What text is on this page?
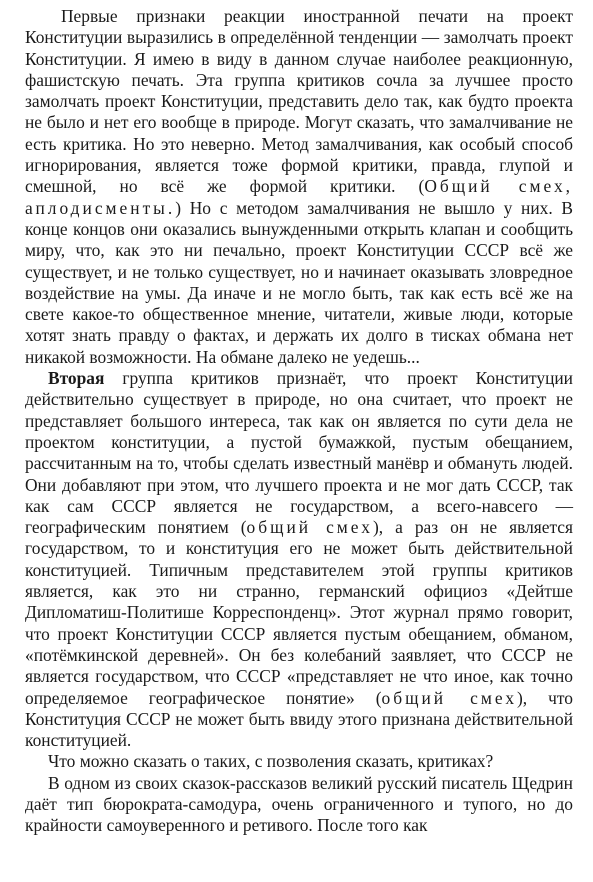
Первые признаки реакции иностранной печати на проект Конституции выразились в определённой тенденции — замолчать проект Конституции. Я имею в виду в данном случае наиболее реакционную, фашистскую печать. Эта группа критиков сочла за лучшее просто замолчать проект Конституции, представить дело так, как будто проекта не было и нет его вообще в природе. Могут сказать, что замалчивание не есть критика. Но это неверно. Метод замалчивания, как особый способ игнорирования, является тоже формой критики, правда, глупой и смешной, но всё же формой критики. (Общий смех, аплодисменты.) Но с методом замалчивания не вышло у них. В конце концов они оказались вынужденными открыть клапан и сообщить миру, что, как это ни печально, проект Конституции СССР всё же существует, и не только существует, но и начинает оказывать зловредное воздействие на умы. Да иначе и не могло быть, так как есть всё же на свете какое-то общественное мнение, читатели, живые люди, которые хотят знать правду о фактах, и держать их долго в тисках обмана нет никакой возможности. На обмане далеко не уедешь...

Вторая группа критиков признаёт, что проект Конституции действительно существует в природе, но она считает, что проект не представляет большого интереса, так как он является по сути дела не проектом конституции, а пустой бумажкой, пустым обещанием, рассчитанным на то, чтобы сделать известный манёвр и обмануть людей. Они добавляют при этом, что лучшего проекта и не мог дать СССР, так как сам СССР является не государством, а всего-навсего — географическим понятием (общий смех), а раз он не является государством, то и конституция его не может быть действительной конституцией. Типичным представителем этой группы критиков является, как это ни странно, германский официоз «Дейтше Дипломатиш-Политише Корреспонденц». Этот журнал прямо говорит, что проект Конституции СССР является пустым обещанием, обманом, «потёмкинской деревней». Он без колебаний заявляет, что СССР не является государством, что СССР «представляет не что иное, как точно определяемое географическое понятие» (общий смех), что Конституция СССР не может быть ввиду этого признана действительной конституцией.

Что можно сказать о таких, с позволения сказать, критиках?

В одном из своих сказок-рассказов великий русский писатель Щедрин даёт тип бюрократа-самодура, очень ограниченного и тупого, но до крайности самоуверенного и ретивого. После того как
